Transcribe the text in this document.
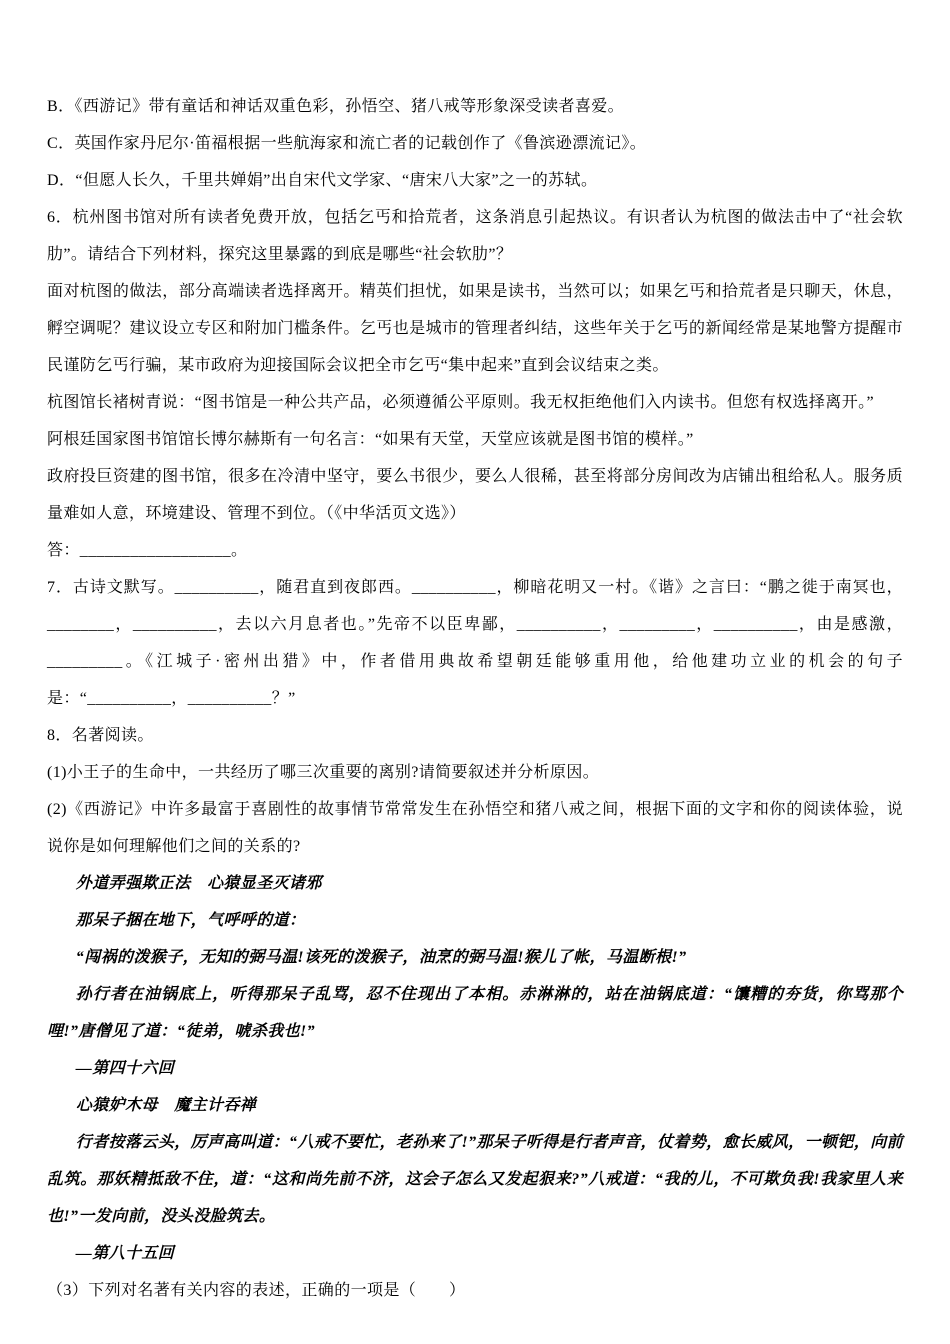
B．《西游记》带有童话和神话双重色彩，孙悟空、猪八戒等形象深受读者喜爱。

C．英国作家丹尼尔·笛福根据一些航海家和流亡者的记载创作了《鲁滨逊漂流记》。

D．“但愿人长久，千里共婵娟”出自宋代文学家、“唐宋八大家”之一的苏轼。

6．杭州图书馆对所有读者免费开放，包括乞丐和拾荒者，这条消息引起热议。有识者认为杭图的做法击中了“社会软肋”。请结合下列材料，探究这里暴露的到底是哪些“社会软肋”？

面对杭图的做法，部分高端读者选择离开。精英们担忧，如果是读书，当然可以；如果乞丐和拾荒者是只聊天，休息，孵空调呢？建议设立专区和附加门槛条件。乞丐也是城市的管理者纠结，这些年关于乞丐的新闻经常是某地警方提醒市民谨防乞丐行骗，某市政府为迎接国际会议把全市乞丐“集中起来”直到会议结束之类。

杭图馆长褚树青说：“图书馆是一种公共产品，必须遵循公平原则。我无权拒绝他们入内读书。但您有权选择离开。”

阿根廷国家图书馆馆长博尔赫斯有一句名言：“如果有天堂，天堂应该就是图书馆的模样。”

政府投巨资建的图书馆，很多在冷清中坚守，要么书很少，要么人很稀，甚至将部分房间改为店铺出租给私人。服务质量难如人意，环境建设、管理不到位。（《中华活页文选》）

答：__________________。

7．古诗文默写。__________，随君直到夜郎西。__________，柳暗花明又一村。《谐》之言曰：“鹏之徙于南冥也，________，__________，去以六月息者也。”先帝不以臣卑鄙，__________，_________，__________，由是感激，_________。《江城子·密州出猎》中，作者借用典故希望朝廷能够重用他，给他建功立业的机会的句子是：“__________，__________？”

8．名著阅读。

(1)小王子的生命中，一共经历了哪三次重要的离别?请简要叙述并分析原因。

(2)《西游记》中许多最富于喜剧性的故事情节常常发生在孙悟空和猪八戒之间，根据下面的文字和你的阅读体验，说说你是如何理解他们之间的关系的?

外道弄强欺正法　心猿显圣灭诸邪

那呆子捆在地下，气呼呼的道：

“闯祸的泼猴子，无知的弼马温!该死的泼猴子，油烹的弼马温!猴儿了帐，马温断根!”

孙行者在油锅底上，听得那呆子乱骂，忍不住现出了本相。赤淋淋的，站在油锅底道：“馕糟的夯货，你骂那个哩!”唐僧见了道：“徒弟，唬杀我也!”

—第四十六回

心猿妒木母　魔主计吞禅

行者按落云头，厉声高叫道：“八戒不要忙，老孙来了!”那呆子听得是行者声音，仗着势，愈长威风，一顿钯，向前乱筑。那妖精抵敌不住，道：“这和尚先前不济，这会子怎么又发起狠来?”八戒道：“我的儿，不可欺负我!我家里人来也!”一发向前，没头没脸筑去。

—第八十五回

（3）下列对名著有关内容的表述，正确的一项是（　　）
